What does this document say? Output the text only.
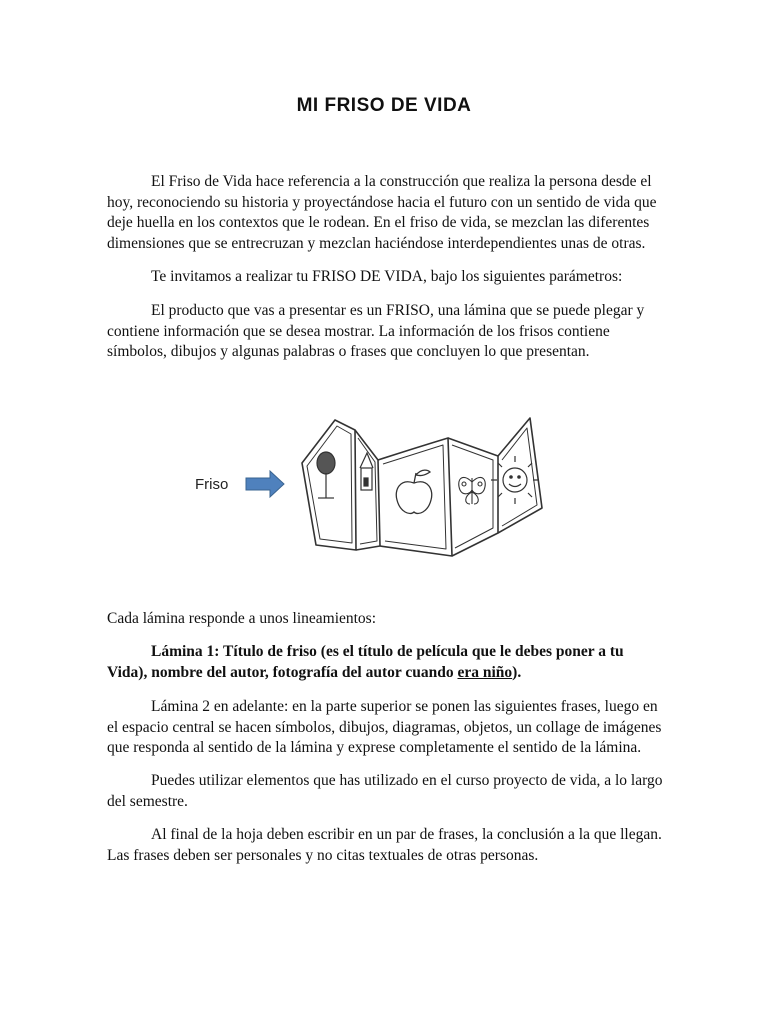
MI FRISO DE VIDA

El Friso de Vida hace referencia a la construcción que realiza la persona desde el hoy, reconociendo su historia y proyectándose hacia el futuro con un sentido de vida que deje huella en los contextos que le rodean. En el friso de vida, se mezclan las diferentes dimensiones que se entrecruzan y mezclan haciéndose interdependientes unas de otras.

Te invitamos a realizar tu FRISO DE VIDA, bajo los siguientes parámetros:

El producto que vas a presentar es un FRISO, una lámina que se puede plegar y contiene información que se desea mostrar. La información de los frisos contiene símbolos, dibujos y algunas palabras o frases que concluyen lo que presentan.

Friso

Cada lámina responde a unos lineamientos:

Lámina 1: Título de friso (es el título de película que le debes poner a tu Vida), nombre del autor, fotografía del autor cuando era niño).

Lámina 2 en adelante: en la parte superior se ponen las siguientes frases, luego en el espacio central se hacen símbolos, dibujos, diagramas, objetos, un collage de imágenes que responda al sentido de la lámina y exprese completamente el sentido de la lámina.

Puedes utilizar elementos que has utilizado en el curso proyecto de vida, a lo largo del semestre.

Al final de la hoja deben escribir en un par de frases, la conclusión a la que llegan. Las frases deben ser personales y no citas textuales de otras personas.
